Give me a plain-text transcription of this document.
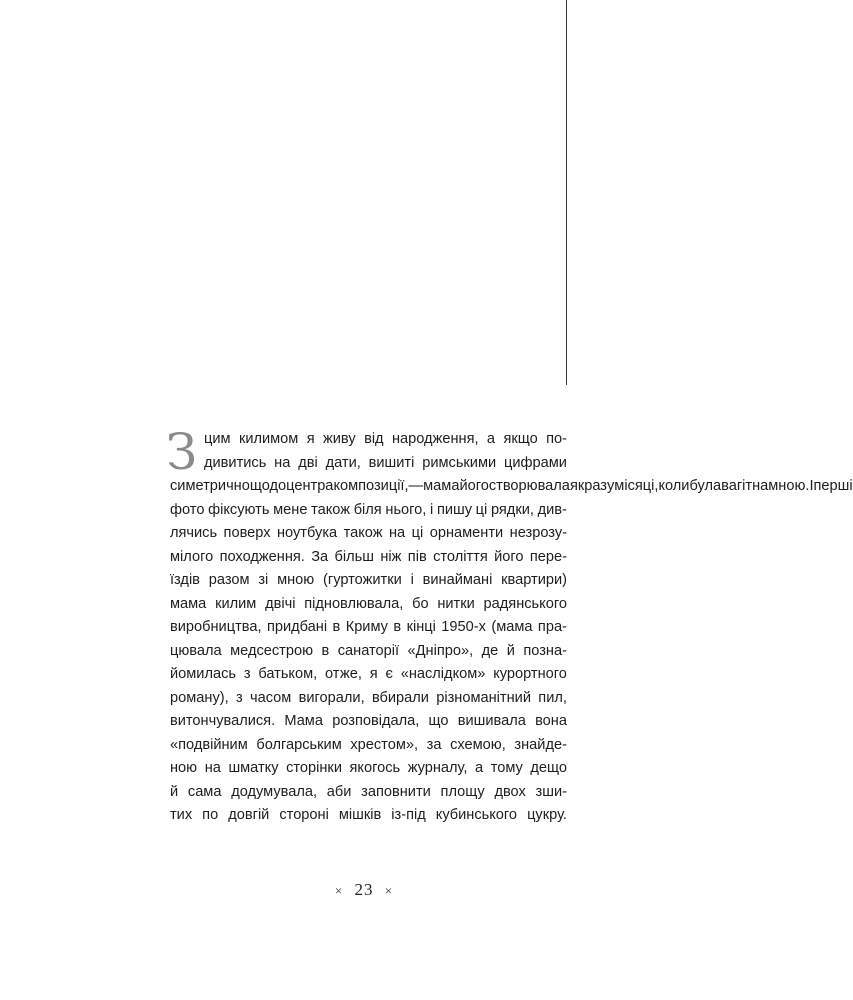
З цим килимом я живу від народження, а якщо по-
дивитись на дві дати, вишиті римськими цифрами
симетрично щодо центра композиції, — мама його створювала якраз у місяці, коли була вагітна мною. І перші
фото фіксують мене також біля нього, і пишу ці рядки, див-
лячись поверх ноутбука також на ці орнаменти незрозу-
мілого походження. За більш ніж пів століття його пере-
їздів разом зі мною (гуртожитки і винаймані квартири)
мама килим двічі підновлювала, бо нитки радянського
виробництва, придбані в Криму в кінці 1950-х (мама пра-
цювала медсестрою в санаторії «Дніпро», де й позна-
йомилась з батьком, отже, я є «наслідком» курортного
роману), з часом вигорали, вбирали різноманітний пил,
витончувалися. Мама розповідала, що вишивала вона
«подвійним болгарським хрестом», за схемою, знайде-
ною на шматку сторінки якогось журналу, а тому дещо
й сама додумувала, аби заповнити площу двох зши-
тих по довгій стороні мішків із-під кубинського цукру.
× 23 ×
